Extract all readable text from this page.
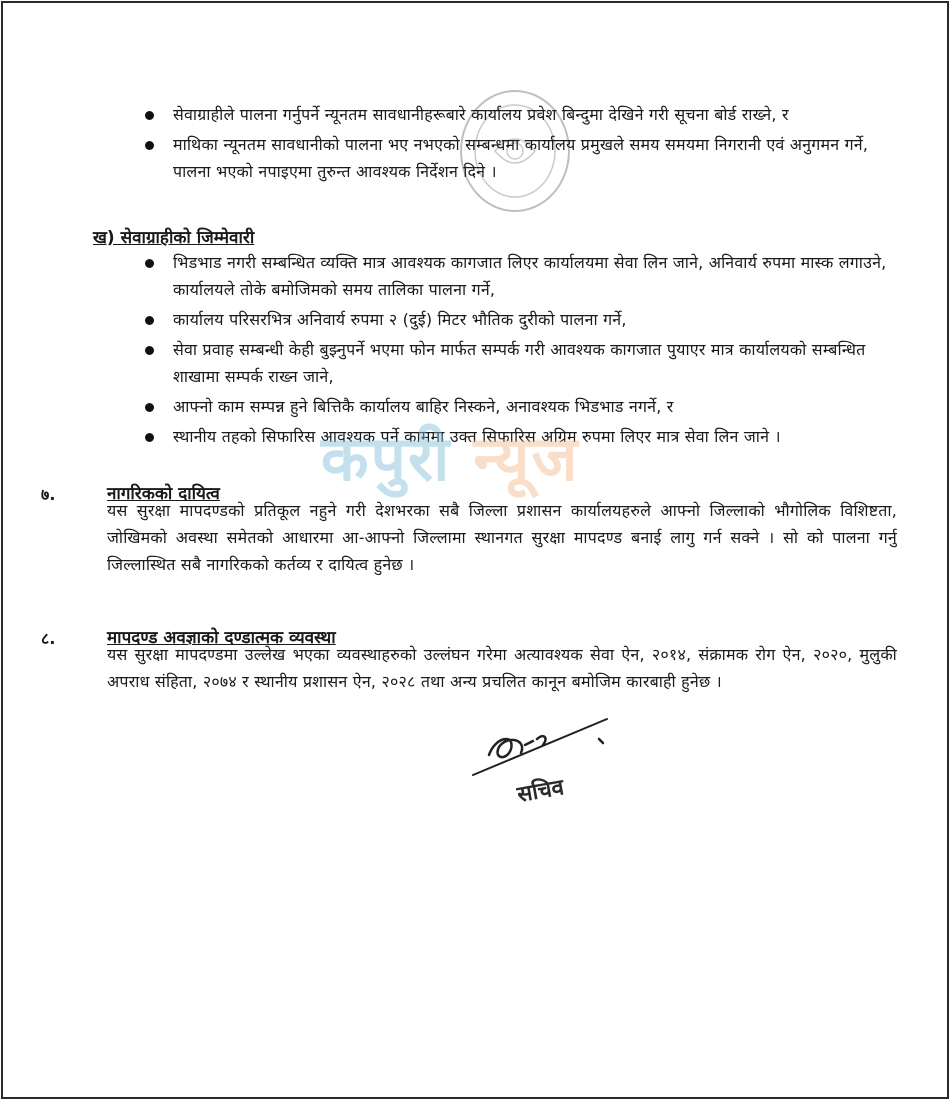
सेवाग्राहीले पालना गर्नुपर्ने न्यूनतम सावधानीहरूबारे कार्यालय प्रवेश बिन्दुमा देखिने गरी सूचना बोर्ड राख्ने, र
माथिका न्यूनतम सावधानीको पालना भए नभएको सम्बन्धमा कार्यालय प्रमुखले समय समयमा निगरानी एवं अनुगमन गर्ने, पालना भएको नपाइएमा तुरुन्त आवश्यक निर्देशन दिने ।
ख) सेवाग्राहीको जिम्मेवारी
भिडभाड नगरी सम्बन्धित व्यक्ति मात्र आवश्यक कागजात लिएर कार्यालयमा सेवा लिन जाने, अनिवार्य रुपमा मास्क लगाउने, कार्यालयले तोके बमोजिमको समय तालिका पालना गर्ने,
कार्यालय परिसरभित्र अनिवार्य रुपमा २ (दुई) मिटर भौतिक दुरीको पालना गर्ने,
सेवा प्रवाह सम्बन्धी केही बुझ्नुपर्ने भएमा फोन मार्फत सम्पर्क गरी आवश्यक कागजात पुयाएर मात्र कार्यालयको सम्बन्धित शाखामा सम्पर्क राख्न जाने,
आफ्नो काम सम्पन्न हुने बित्तिकै कार्यालय बाहिर निस्कने, अनावश्यक भिडभाड नगर्ने, र
स्थानीय तहको सिफारिस आवश्यक पर्ने काममा उक्त सिफारिस अग्रिम रुपमा लिएर मात्र सेवा लिन जाने ।
कपुरी न्यूज
७.	नागरिकको दायित्व
यस सुरक्षा मापदण्डको प्रतिकूल नहुने गरी देशभरका सबै जिल्ला प्रशासन कार्यालयहरुले आफ्नो जिल्लाको भौगोलिक विशिष्टता, जोखिमको अवस्था समेतको आधारमा आ-आफ्नो जिल्लामा स्थानगत सुरक्षा मापदण्ड बनाई लागु गर्न सक्ने । सो को पालना गर्नु जिल्लास्थित सबै नागरिकको कर्तव्य र दायित्व हुनेछ ।
८.	मापदण्ड अवज्ञाको दण्डात्मक व्यवस्था
यस सुरक्षा मापदण्डमा उल्लेख भएका व्यवस्थाहरुको उल्लंघन गरेमा अत्यावश्यक सेवा ऐन, २०१४, संक्रामक रोग ऐन, २०२०, मुलुकी अपराध संहिता, २०७४ र स्थानीय प्रशासन ऐन, २०२८ तथा अन्य प्रचलित कानून बमोजिम कारबाही हुनेछ ।
सचिव
